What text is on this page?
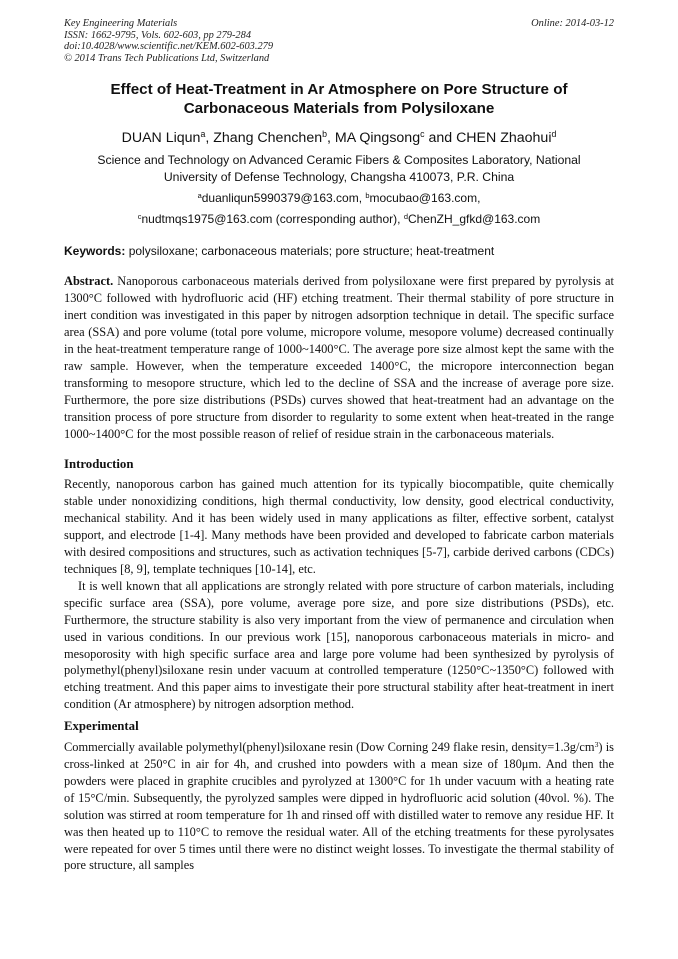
Key Engineering Materials
ISSN: 1662-9795, Vols. 602-603, pp 279-284
doi:10.4028/www.scientific.net/KEM.602-603.279
© 2014 Trans Tech Publications Ltd, Switzerland
Online: 2014-03-12
Effect of Heat-Treatment in Ar Atmosphere on Pore Structure of
Carbonaceous Materials from Polysiloxane
DUAN Liqun$^a$, Zhang Chenchen$^b$, MA Qingsong$^c$ and CHEN Zhaohui$^d$
Science and Technology on Advanced Ceramic Fibers & Composites Laboratory, National
University of Defense Technology, Changsha 410073, P.R. China
$^a$duanliqun5990379@163.com, $^b$mocubao@163.com,
$^c$nudtmqs1975@163.com (corresponding author), $^d$ChenZH_gfkd@163.com
Keywords: polysiloxane; carbonaceous materials; pore structure; heat-treatment

Abstract. Nanoporous carbonaceous materials derived from polysiloxane were first prepared by pyrolysis at 1300°C followed with hydrofluoric acid (HF) etching treatment. Their thermal stability of pore structure in inert condition was investigated in this paper by nitrogen adsorption technique in detail. The specific surface area (SSA) and pore volume (total pore volume, micropore volume, mesopore volume) decreased continually in the heat-treatment temperature range of 1000~1400°C. The average pore size almost kept the same with the raw sample. However, when the temperature exceeded 1400°C, the micropore interconnection began transforming to mesopore structure, which led to the decline of SSA and the increase of average pore size. Furthermore, the pore size distributions (PSDs) curves showed that heat-treatment had an advantage on the transition process of pore structure from disorder to regularity to some extent when heat-treated in the range 1000~1400°C for the most possible reason of relief of residue strain in the carbonaceous materials.

Introduction

Recently, nanoporous carbon has gained much attention for its typically biocompatible, quite chemically stable under nonoxidizing conditions, high thermal conductivity, low density, good electrical conductivity, mechanical stability. And it has been widely used in many applications as filter, effective sorbent, catalyst support, and electrode [1-4]. Many methods have been provided and developed to fabricate carbon materials with desired compositions and structures, such as activation techniques [5-7], carbide derived carbons (CDCs) techniques [8, 9], template techniques [10-14], etc.

It is well known that all applications are strongly related with pore structure of carbon materials, including specific surface area (SSA), pore volume, average pore size, and pore size distributions (PSDs), etc. Furthermore, the structure stability is also very important from the view of permanence and circulation when used in various conditions. In our previous work [15], nanoporous carbonaceous materials in micro- and mesoporosity with high specific surface area and large pore volume had been synthesized by pyrolysis of polymethyl(phenyl)siloxane resin under vacuum at controlled temperature (1250°C~1350°C) followed with etching treatment. And this paper aims to investigate their pore structural stability after heat-treatment in inert condition (Ar atmosphere) by nitrogen adsorption method.

Experimental

Commercially available polymethyl(phenyl)siloxane resin (Dow Corning 249 flake resin, $density=1.3g/cm^3$) is cross-linked at 250°C in air for 4h, and crushed into powders with a mean size of 180μm. And then the powders were placed in graphite crucibles and pyrolyzed at 1300°C for 1h under vacuum with a heating rate of 15°C/min. Subsequently, the pyrolyzed samples were dipped in hydrofluoric acid solution (40vol. %). The solution was stirred at room temperature for 1h and rinsed off with distilled water to remove any residue HF. It was then heated up to 110°C to remove the residual water. All of the etching treatments for these pyrolysates were repeated for over 5 times until there were no distinct weight losses. To investigate the thermal stability of pore structure, all samples
